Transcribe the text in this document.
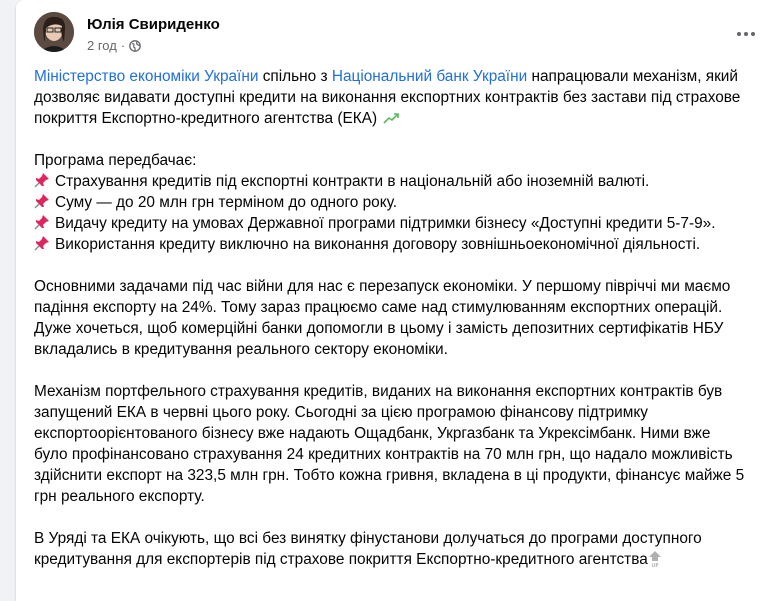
Юлія Свириденко
2 год ·

Міністерство економіки України спільно з Національний банк України напрацювали механізм, який дозволяє видавати доступні кредити на виконання експортних контрактів без застави під страхове покриття Експортно-кредитного агентства (ЕКА)

Програма передбачає:
Страхування кредитів під експортні контракти в національній або іноземній валюті.
Суму — до 20 млн грн терміном до одного року.
Видачу кредиту на умовах Державної програми підтримки бізнесу «Доступні кредити 5-7-9».
Використання кредиту виключно на виконання договору зовнішньоекономічної діяльності.

Основними задачами під час війни для нас є перезапуск економіки. У першому півріччі ми маємо падіння експорту на 24%. Тому зараз працюємо саме над стимулюванням експортних операцій. Дуже хочеться, щоб комерційні банки допомогли в цьому і замість депозитних сертифікатів НБУ вкладались в кредитування реального сектору економіки.

Механізм портфельного страхування кредитів, виданих на виконання експортних контрактів був запущений ЕКА в червні цього року. Сьогодні за цією програмою фінансову підтримку експортоорієнтованого бізнесу вже надають Ощадбанк, Укргазбанк та Укрексімбанк. Ними вже було профінансовано страхування 24 кредитних контрактів на 70 млн грн, що надало можливість здійснити експорт на 323,5 млн грн. Тобто кожна гривня, вкладена в ці продукти, фінансує майже 5 грн реального експорту.

В Уряді та ЕКА очікують, що всі без винятку фінустанови долучаться до програми доступного кредитування для експортерів під страхове покриття Експортно-кредитного агентства UP
